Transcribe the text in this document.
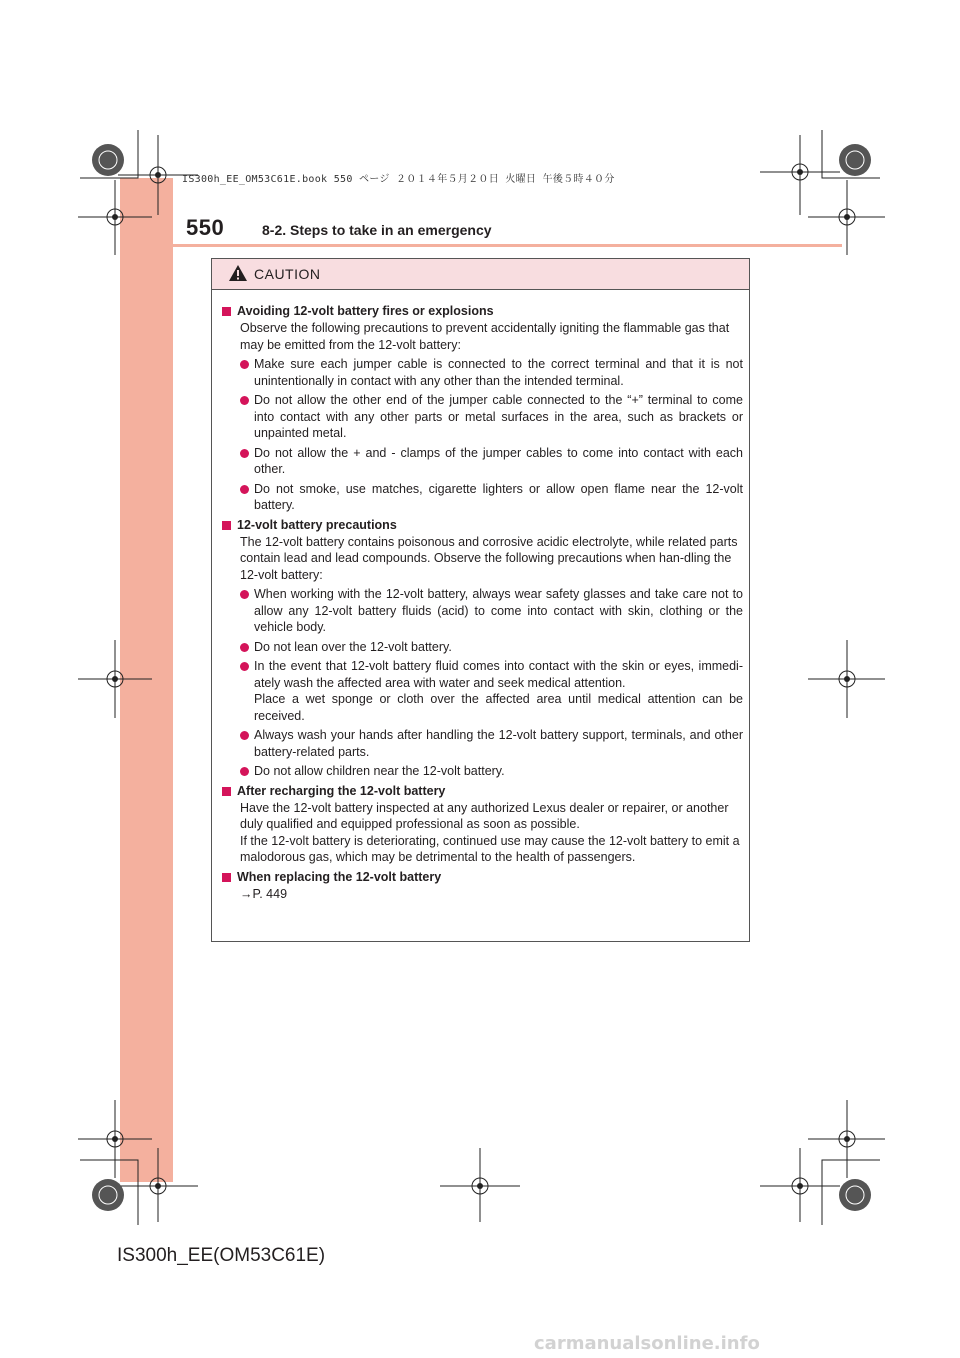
550	8-2. Steps to take in an emergency
IS300h_EE_OM53C61E.book 550 ページ ２０１４年５月２０日 火曜日 午後５時４０分
CAUTION
Avoiding 12-volt battery fires or explosions
Observe the following precautions to prevent accidentally igniting the flammable gas that may be emitted from the 12-volt battery:
Make sure each jumper cable is connected to the correct terminal and that it is not unintentionally in contact with any other than the intended terminal.
Do not allow the other end of the jumper cable connected to the “+” terminal to come into contact with any other parts or metal surfaces in the area, such as brackets or unpainted metal.
Do not allow the + and - clamps of the jumper cables to come into contact with each other.
Do not smoke, use matches, cigarette lighters or allow open flame near the 12-volt battery.
12-volt battery precautions
The 12-volt battery contains poisonous and corrosive acidic electrolyte, while related parts contain lead and lead compounds. Observe the following precautions when han-dling the 12-volt battery:
When working with the 12-volt battery, always wear safety glasses and take care not to allow any 12-volt battery fluids (acid) to come into contact with skin, clothing or the vehicle body.
Do not lean over the 12-volt battery.
In the event that 12-volt battery fluid comes into contact with the skin or eyes, immedi-ately wash the affected area with water and seek medical attention.
Place a wet sponge or cloth over the affected area until medical attention can be received.
Always wash your hands after handling the 12-volt battery support, terminals, and other battery-related parts.
Do not allow children near the 12-volt battery.
After recharging the 12-volt battery
Have the 12-volt battery inspected at any authorized Lexus dealer or repairer, or another duly qualified and equipped professional as soon as possible.
If the 12-volt battery is deteriorating, continued use may cause the 12-volt battery to emit a malodorous gas, which may be detrimental to the health of passengers.
When replacing the 12-volt battery
→P. 449
IS300h_EE(OM53C61E)
carmanualsonline.info
